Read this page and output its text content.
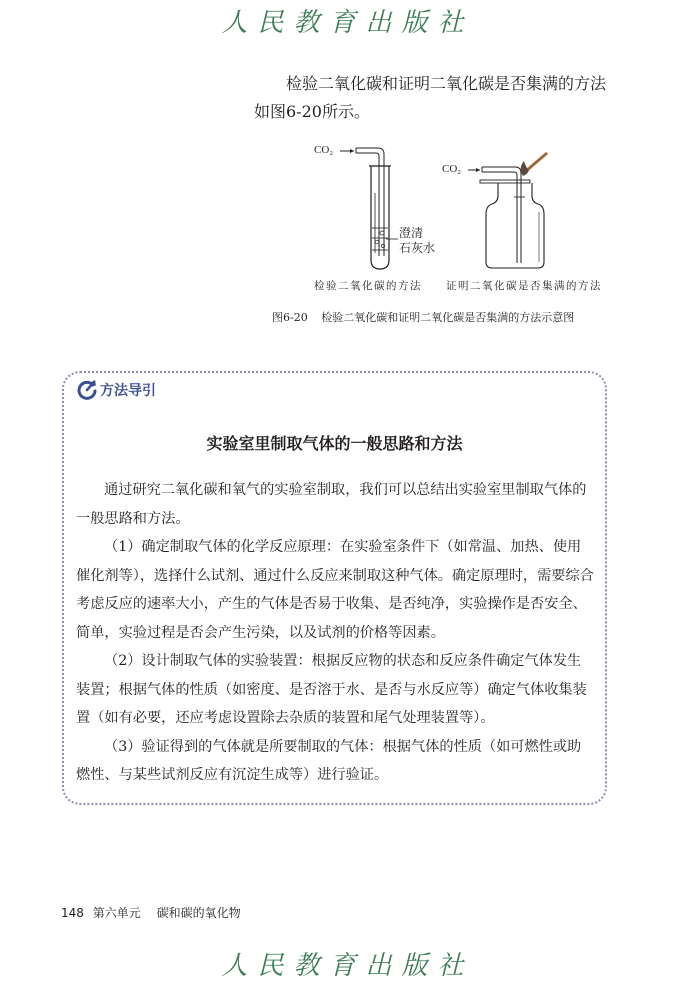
人民教育出版社

检验二氧化碳和证明二氧化碳是否集满的方法

如图6-20所示。

CO₂
澄清
石灰水
检验二氧化碳的方法
CO₂
证明二氧化碳是否集满的方法
图6-20 检验二氧化碳和证明二氧化碳是否集满的方法示意图
方法导引
实验室里制取气体的一般思路和方法

通过研究二氧化碳和氧气的实验室制取，我们可以总结出实验室里制取气体的一般思路和方法。

（1）确定制取气体的化学反应原理：在实验室条件下（如常温、加热、使用催化剂等），选择什么试剂、通过什么反应来制取这种气体。确定原理时，需要综合考虑反应的速率大小，产生的气体是否易于收集、是否纯净，实验操作是否安全、简单，实验过程是否会产生污染，以及试剂的价格等因素。

（2）设计制取气体的实验装置：根据反应物的状态和反应条件确定气体发生装置；根据气体的性质（如密度、是否溶于水、是否与水反应等）确定气体收集装置（如有必要，还应考虑设置除去杂质的装置和尾气处理装置等）。

（3）验证得到的气体就是所要制取的气体：根据气体的性质（如可燃性或助燃性、与某些试剂反应有沉淀生成等）进行验证。

148 第六单元 碳和碳的氧化物
人民教育出版社
